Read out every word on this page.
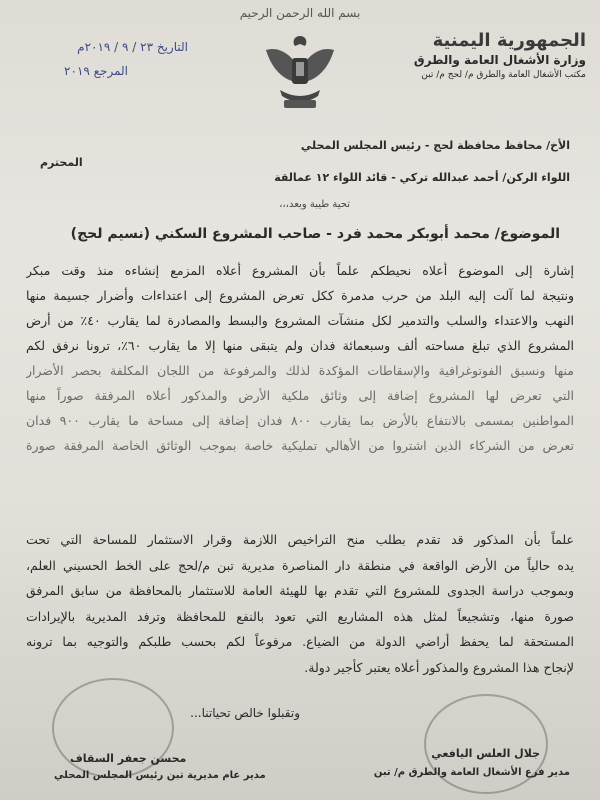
بسم الله الرحمن الرحيم
الجمهورية اليمنية
وزارة الأشغال العامة والطرق
مكتب الأشغال العامة والطرق م/ لحج م/ تبن
التاريخ ٢٣ / ٩ / ٢٠١٩م
المرجع ٢٠١٩
الأخ/ محافظ محافظة لحج - رئيس المجلس المحلي
المحترم
اللواء الركن/ أحمد عبدالله تركي - قائد اللواء ١٢ عمالقة
تحية طيبة وبعد،،،
الموضوع/ محمد أبوبكر محمد فرد - صاحب المشروع السكني (نسيم لحج)
إشارة إلى الموضوع أعلاه نحيطكم علماً بأن المشروع أعلاه المزمع إنشاءه منذ وقت مبكر
ونتيجة لما آلت إليه البلد من حرب مدمرة ككل تعرض المشروع إلى اعتداءات وأضرار جسيمة منها
النهب والاعتداء والسلب والتدمير لكل منشآت المشروع والبسط والمصادرة لما يقارب ٤٠٪ من أرض
المشروع الذي تبلغ مساحته ألف وسبعمائة فدان ولم يتبقى منها إلا ما يقارب ٦٠٪، ترونا نرفق لكم
منها ونسبق الفوتوغرافية والإسقاطات المؤكدة لذلك والمرفوعة من اللجان المكلفة بحصر الأضرار
التي تعرض لها المشروع إضافة إلى وثائق ملكية الأرض والمذكور أعلاه المرفقة صوراً منها
المواطنين بمسمى بالانتفاع بالأرض بما يقارب ٨٠٠ فدان إضافة إلى مساحة ما يقارب ٩٠٠ فدان
تعرض من الشركاء الذين اشتروا من الأهالي تمليكية خاصة بموجب الوثائق الخاصة المرفقة صورة
علماً بأن المذكور قد تقدم بطلب منح التراخيص اللازمة وقرار الاستثمار للمساحة التي تحت
يده حالياً من الأرض الواقعة في منطقة دار المناصرة مديرية تبن م/لحج على الخط الحسيني العلم،
وبموجب دراسة الجدوى للمشروع التي تقدم بها للهيئة العامة للاستثمار بالمحافظة من سابق المرفق
صورة منها، وتشجيعاً لمثل هذه المشاريع التي تعود بالنفع للمحافظة وترفد المديرية بالإيرادات
المستحقة لما يحفظ أراضي الدولة من الضياع. مرفوعاً لكم بحسب طلبكم والتوجيه بما ترونه
لإنجاح هذا المشروع والمذكور أعلاه يعتبر كأجير دولة.
وتقبلوا خالص تحياتنا...
محسن جعفر السقاف
مدير عام مديرية تبن رئيس المجلس المحلي
جلال العلس اليافعي
مدير فرع الأشغال العامة والطرق م/ تبن
